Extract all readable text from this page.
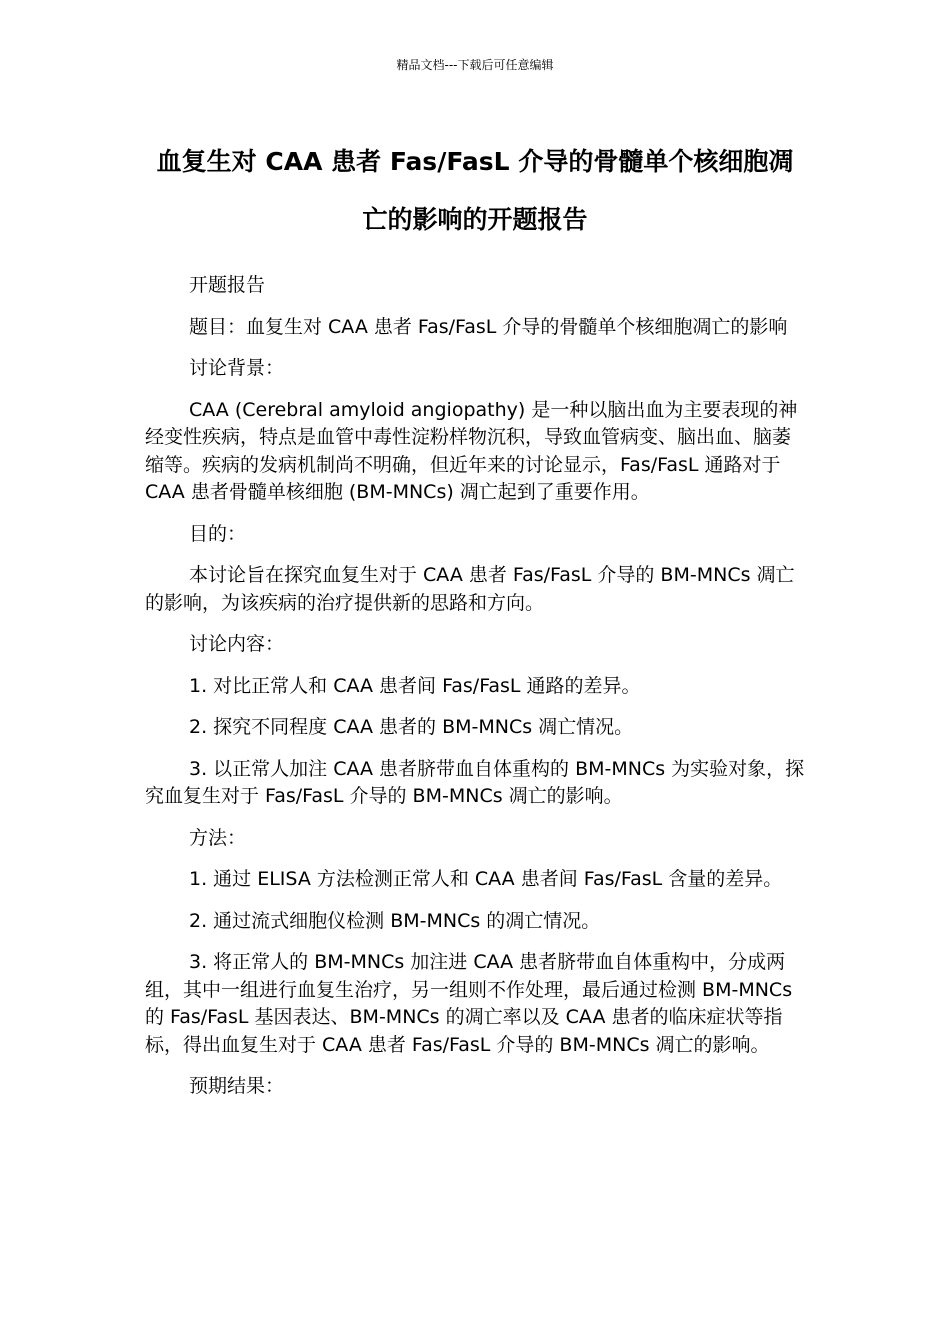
精品文档---下载后可任意编辑
血复生对 CAA 患者 Fas/FasL 介导的骨髓单个核细胞凋亡的影响的开题报告

开题报告

题目：血复生对 CAA 患者 Fas/FasL 介导的骨髓单个核细胞凋亡的影响

讨论背景：

CAA (Cerebral amyloid angiopathy) 是一种以脑出血为主要表现的神经变性疾病，特点是血管中毒性淀粉样物沉积，导致血管病变、脑出血、脑萎缩等。疾病的发病机制尚不明确，但近年来的讨论显示，Fas/FasL 通路对于 CAA 患者骨髓单核细胞 (BM-MNCs) 凋亡起到了重要作用。

目的：

本讨论旨在探究血复生对于 CAA 患者 Fas/FasL 介导的 BM-MNCs 凋亡的影响，为该疾病的治疗提供新的思路和方向。

讨论内容：

1. 对比正常人和 CAA 患者间 Fas/FasL 通路的差异。

2. 探究不同程度 CAA 患者的 BM-MNCs 凋亡情况。

3. 以正常人加注 CAA 患者脐带血自体重构的 BM-MNCs 为实验对象，探究血复生对于 Fas/FasL 介导的 BM-MNCs 凋亡的影响。

方法：

1. 通过 ELISA 方法检测正常人和 CAA 患者间 Fas/FasL 含量的差异。

2. 通过流式细胞仪检测 BM-MNCs 的凋亡情况。

3. 将正常人的 BM-MNCs 加注进 CAA 患者脐带血自体重构中，分成两组，其中一组进行血复生治疗，另一组则不作处理，最后通过检测 BM-MNCs 的 Fas/FasL 基因表达、BM-MNCs 的凋亡率以及 CAA 患者的临床症状等指标，得出血复生对于 CAA 患者 Fas/FasL 介导的 BM-MNCs 凋亡的影响。

预期结果：
